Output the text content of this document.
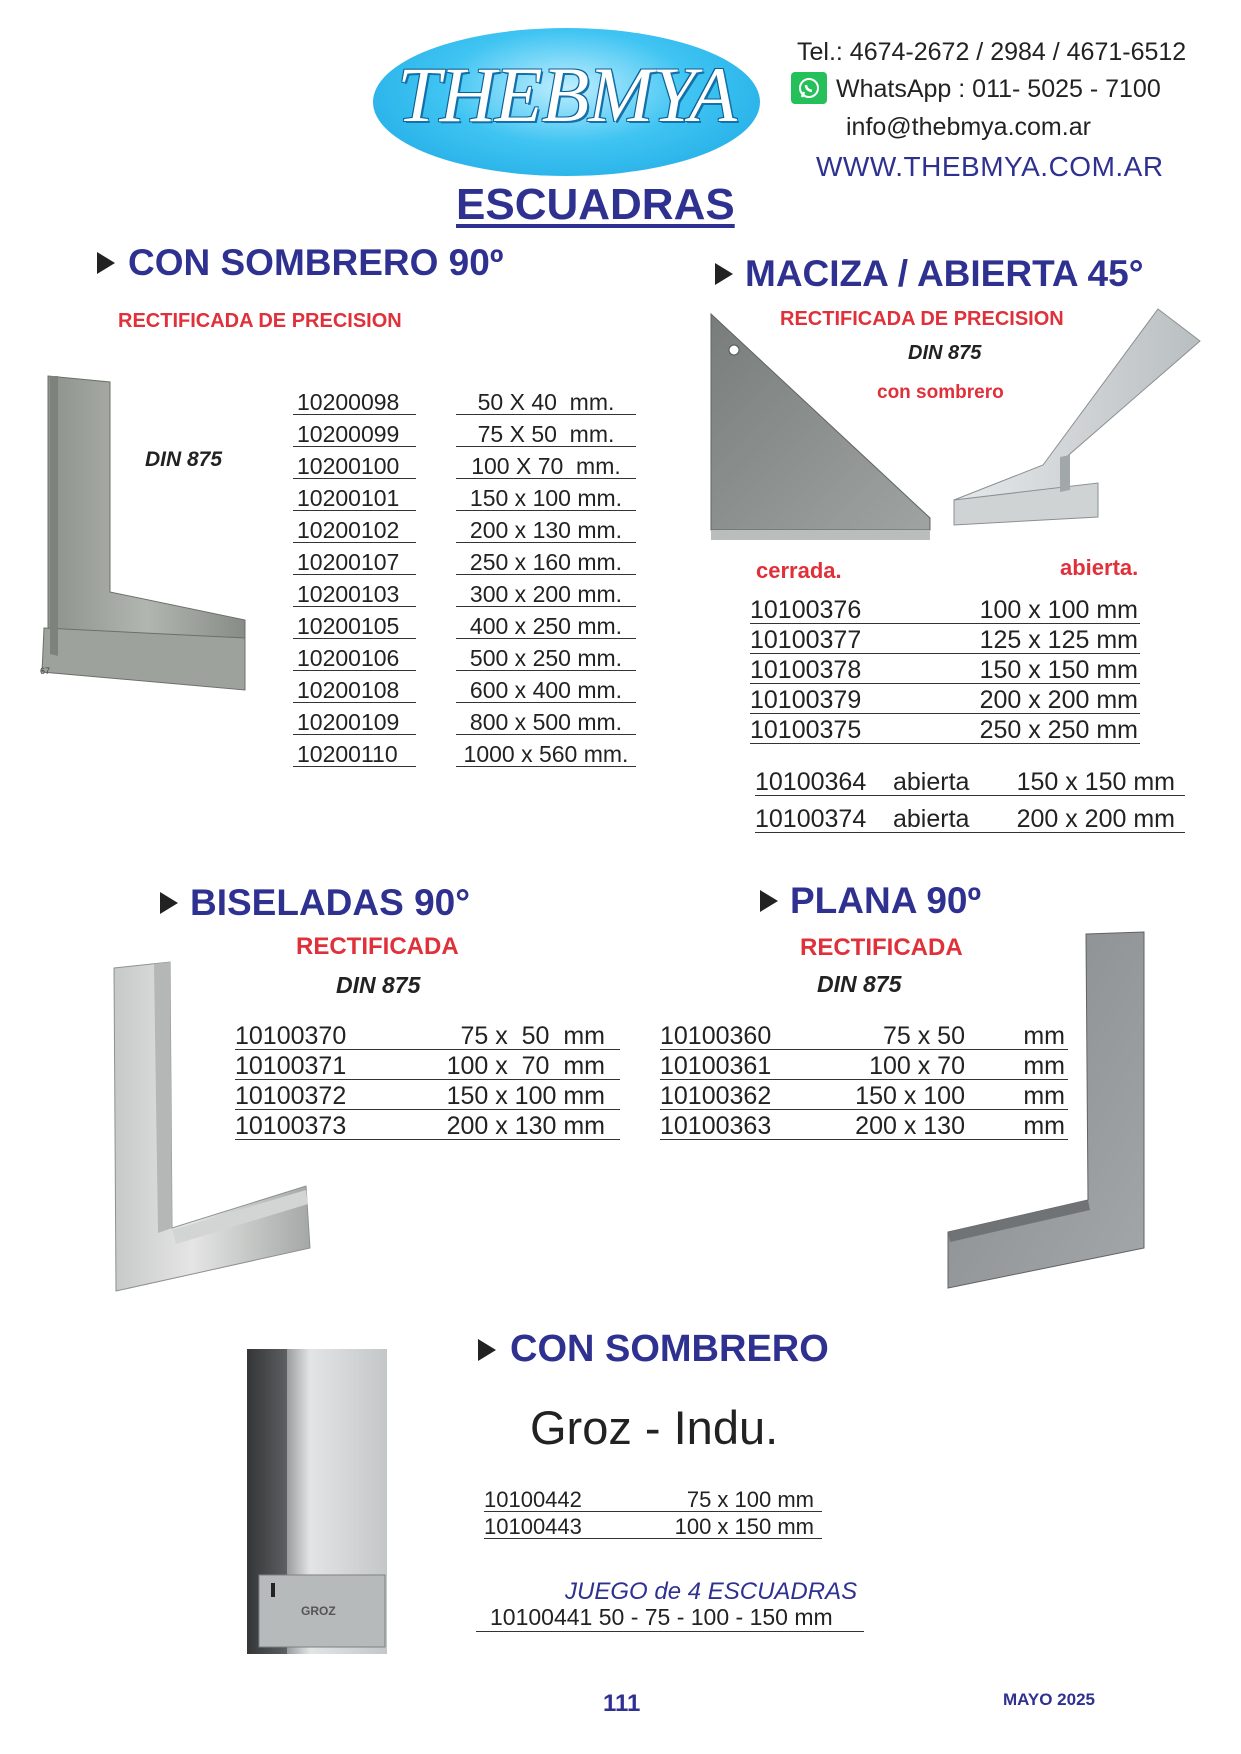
THEBMYA	Tel.: 4674-2672 / 2984 / 4671-6512
WhatsApp : 011- 5025 - 7100
info@thebmya.com.ar
WWW.THEBMYA.COM.AR
ESCUADRAS
CON SOMBRERO 90º
RECTIFICADA DE PRECISION
DIN 875
67
10200098	50 X 40  mm.
10200099	75 X 50  mm.
10200100	100 X 70  mm.
10200101	150 x 100 mm.
10200102	200 x 130 mm.
10200107	250 x 160 mm.
10200103	300 x 200 mm.
10200105	400 x 250 mm.
10200106	500 x 250 mm.
10200108	600 x 400 mm.
10200109	800 x 500 mm.
10200110	1000 x 560 mm.
MACIZA / ABIERTA 45°
RECTIFICADA DE PRECISION
DIN 875
con sombrero
cerrada.	abierta.
10100376	100 x 100 mm
10100377	125 x 125 mm
10100378	150 x 150 mm
10100379	200 x 200 mm
10100375	250 x 250 mm
10100364	abierta	150 x 150 mm
10100374	abierta	200 x 200 mm
BISELADAS 90°
RECTIFICADA
DIN 875
10100370	75 x  50  mm
10100371	100 x  70  mm
10100372	150 x 100 mm
10100373	200 x 130 mm
PLANA 90º
RECTIFICADA
DIN 875
10100360	75 x 50	mm
10100361	100 x 70	mm
10100362	150 x 100	mm
10100363	200 x 130	mm
CON SOMBRERO
Groz - Indu.
GROZ
10100442	75 x 100 mm
10100443	100 x 150 mm
JUEGO de 4 ESCUADRAS
10100441 50 - 75 - 100 - 150 mm
111	MAYO 2025
